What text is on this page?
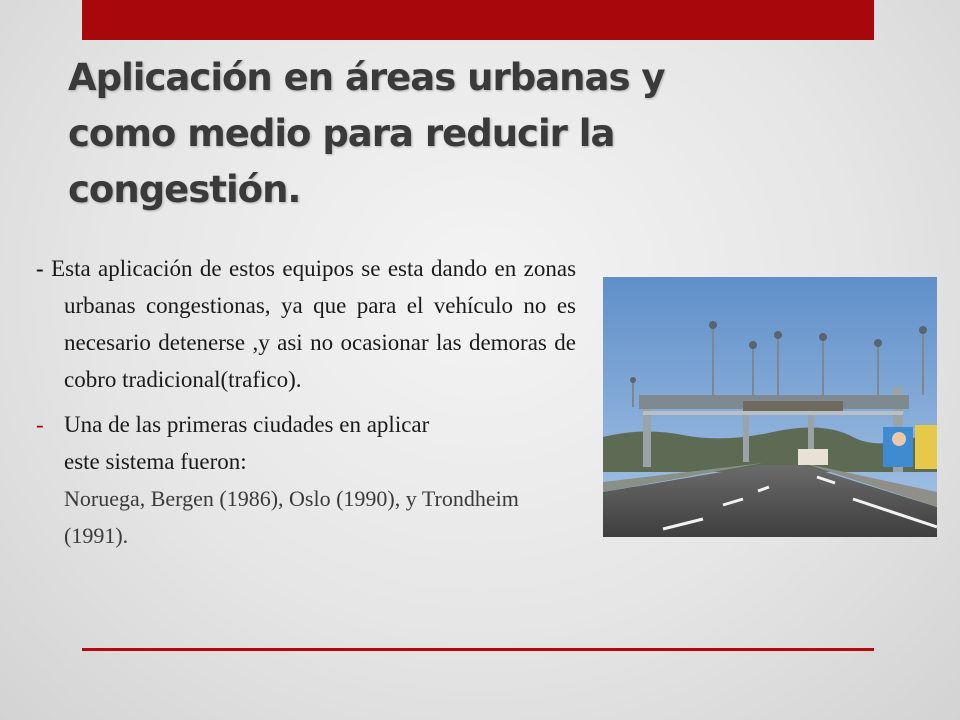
Aplicación en áreas urbanas y como medio para reducir la congestión.

- Esta aplicación de estos equipos se esta dando en zonas urbanas congestionas, ya que para el vehículo no es necesario detenerse ,y asi no ocasionar las demoras de cobro tradicional(trafico).

- Una de las primeras ciudades en aplicar
este sistema fueron:
Noruega, Bergen (1986), Oslo (1990), y Trondheim (1991).
